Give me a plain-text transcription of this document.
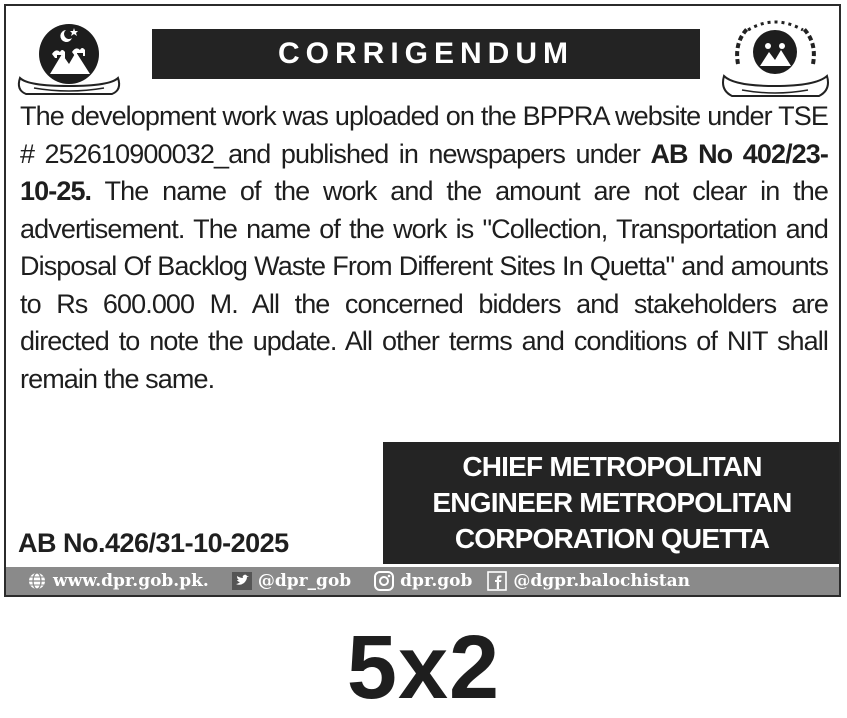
CORRIGENDUM
The development work was uploaded on the BPPRA website under TSE # 252610900032_and published in newspapers under AB No 402/23-10-25. The name of the work and the amount are not clear in the advertisement. The name of the work is "Collection, Transportation and Disposal Of Backlog Waste From Different Sites In Quetta" and amounts to Rs 600.000 M. All the concerned bidders and stakeholders are directed to note the update. All other terms and conditions of NIT shall remain the same.
AB No.426/31-10-2025
CHIEF METROPOLITAN
ENGINEER METROPOLITAN
CORPORATION QUETTA
www.dpr.gob.pk.	@dpr_gob	dpr.gob @dgpr.balochistan
5x2
